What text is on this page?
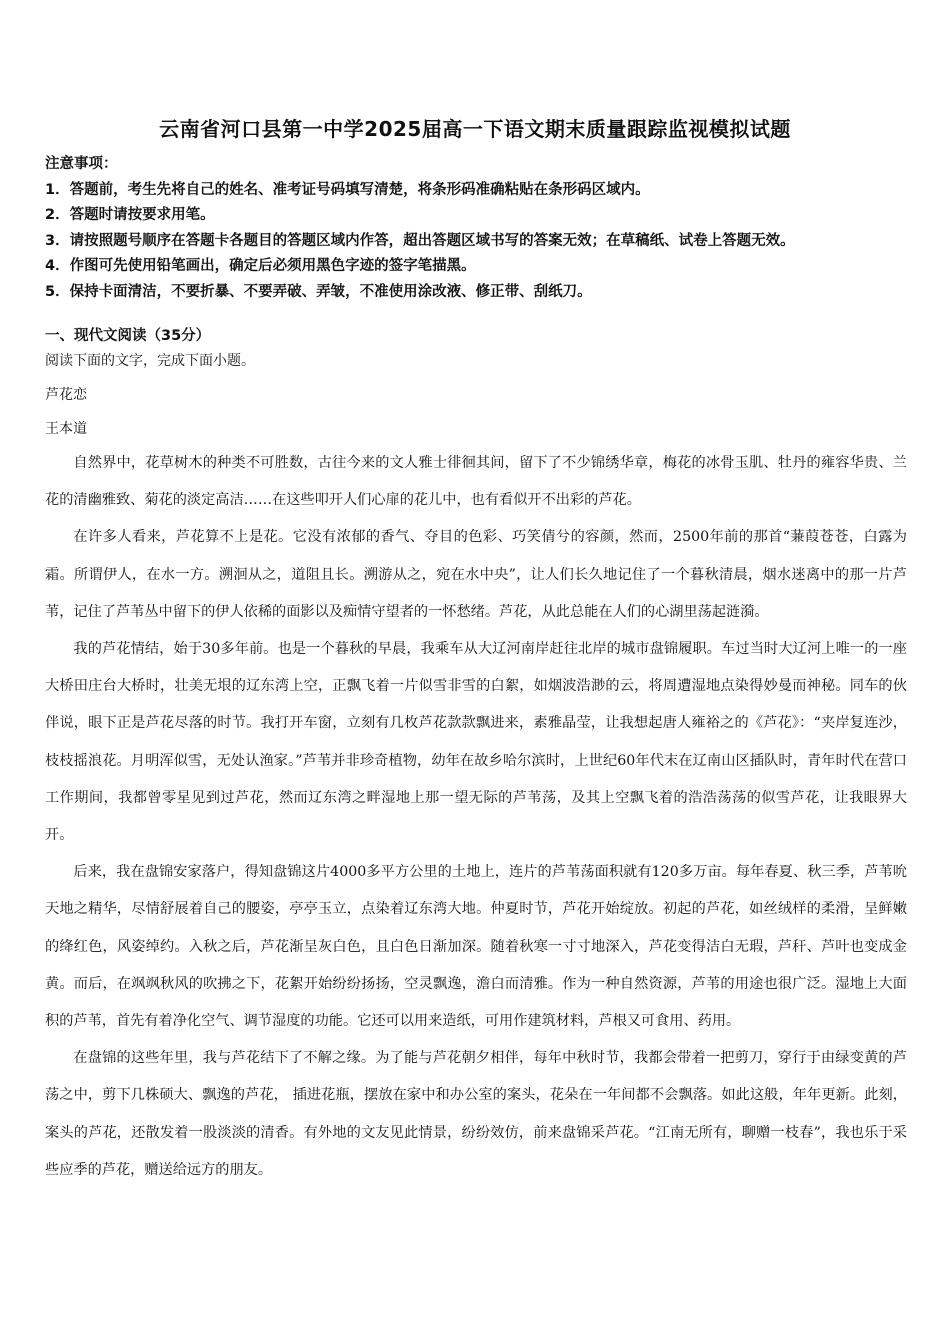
云南省河口县第一中学2025届高一下语文期末质量跟踪监视模拟试题
注意事项：
1．答题前，考生先将自己的姓名、准考证号码填写清楚，将条形码准确粘贴在条形码区域内。
2．答题时请按要求用笔。
3．请按照题号顺序在答题卡各题目的答题区域内作答，超出答题区域书写的答案无效；在草稿纸、试卷上答题无效。
4．作图可先使用铅笔画出，确定后必须用黑色字迹的签字笔描黑。
5．保持卡面清洁，不要折暴、不要弄破、弄皱，不准使用涂改液、修正带、刮纸刀。
一、现代文阅读（35分）
阅读下面的文字，完成下面小题。
芦花恋
王本道

自然界中，花草树木的种类不可胜数，古往今来的文人雅士徘徊其间，留下了不少锦绣华章，梅花的冰骨玉肌、牡丹的雍容华贵、兰花的清幽雅致、菊花的淡定高洁……在这些叩开人们心扉的花儿中，也有看似开不出彩的芦花。

在许多人看来，芦花算不上是花。它没有浓郁的香气、夺目的色彩、巧笑倩兮的容颜，然而，2500年前的那首“蒹葭苍苍，白露为霜。所谓伊人，在水一方。溯洄从之，道阻且长。溯游从之，宛在水中央”，让人们长久地记住了一个暮秋清晨，烟水迷离中的那一片芦苇，记住了芦苇丛中留下的伊人依稀的面影以及痴情守望者的一怀愁绪。芦花，从此总能在人们的心湖里荡起涟漪。

我的芦花情结，始于30多年前。也是一个暮秋的早晨，我乘车从大辽河南岸赶往北岸的城市盘锦履职。车过当时大辽河上唯一的一座大桥田庄台大桥时，壮美无垠的辽东湾上空，正飘飞着一片似雪非雪的白絮，如烟波浩渺的云，将周遭湿地点染得妙曼而神秘。同车的伙伴说，眼下正是芦花尽落的时节。我打开车窗，立刻有几枚芦花款款飘进来，素雅晶莹，让我想起唐人雍裕之的《芦花》：“夹岸复连沙，枝枝摇浪花。月明浑似雪，无处认渔家。”芦苇并非珍奇植物，幼年在故乡哈尔滨时，上世纪60年代末在辽南山区插队时，青年时代在营口工作期间，我都曾零星见到过芦花，然而辽东湾之畔湿地上那一望无际的芦苇荡，及其上空飘飞着的浩浩荡荡的似雪芦花，让我眼界大开。

后来，我在盘锦安家落户，得知盘锦这片4000多平方公里的土地上，连片的芦苇荡面积就有120多万亩。每年春夏、秋三季，芦苇吮天地之精华，尽情舒展着自己的腰姿，亭亭玉立，点染着辽东湾大地。仲夏时节，芦花开始绽放。初起的芦花，如丝绒样的柔滑，呈鲜嫩的绛红色，风姿绰约。入秋之后，芦花渐呈灰白色，且白色日渐加深。随着秋寒一寸寸地深入，芦花变得洁白无瑕，芦秆、芦叶也变成金黄。而后，在飒飒秋风的吹拂之下，花絮开始纷纷扬扬，空灵飘逸，澹白而清雅。作为一种自然资源，芦苇的用途也很广泛。湿地上大面积的芦苇，首先有着净化空气、调节湿度的功能。它还可以用来造纸，可用作建筑材料，芦根又可食用、药用。

在盘锦的这些年里，我与芦花结下了不解之缘。为了能与芦花朝夕相伴，每年中秋时节，我都会带着一把剪刀，穿行于由绿变黄的芦荡之中，剪下几株硕大、飘逸的芦花， 插进花瓶，摆放在家中和办公室的案头，花朵在一年间都不会飘落。如此这般，年年更新。此刻，案头的芦花，还散发着一股淡淡的清香。有外地的文友见此情景，纷纷效仿，前来盘锦采芦花。“江南无所有，聊赠一枝春”，我也乐于采些应季的芦花，赠送给远方的朋友。
